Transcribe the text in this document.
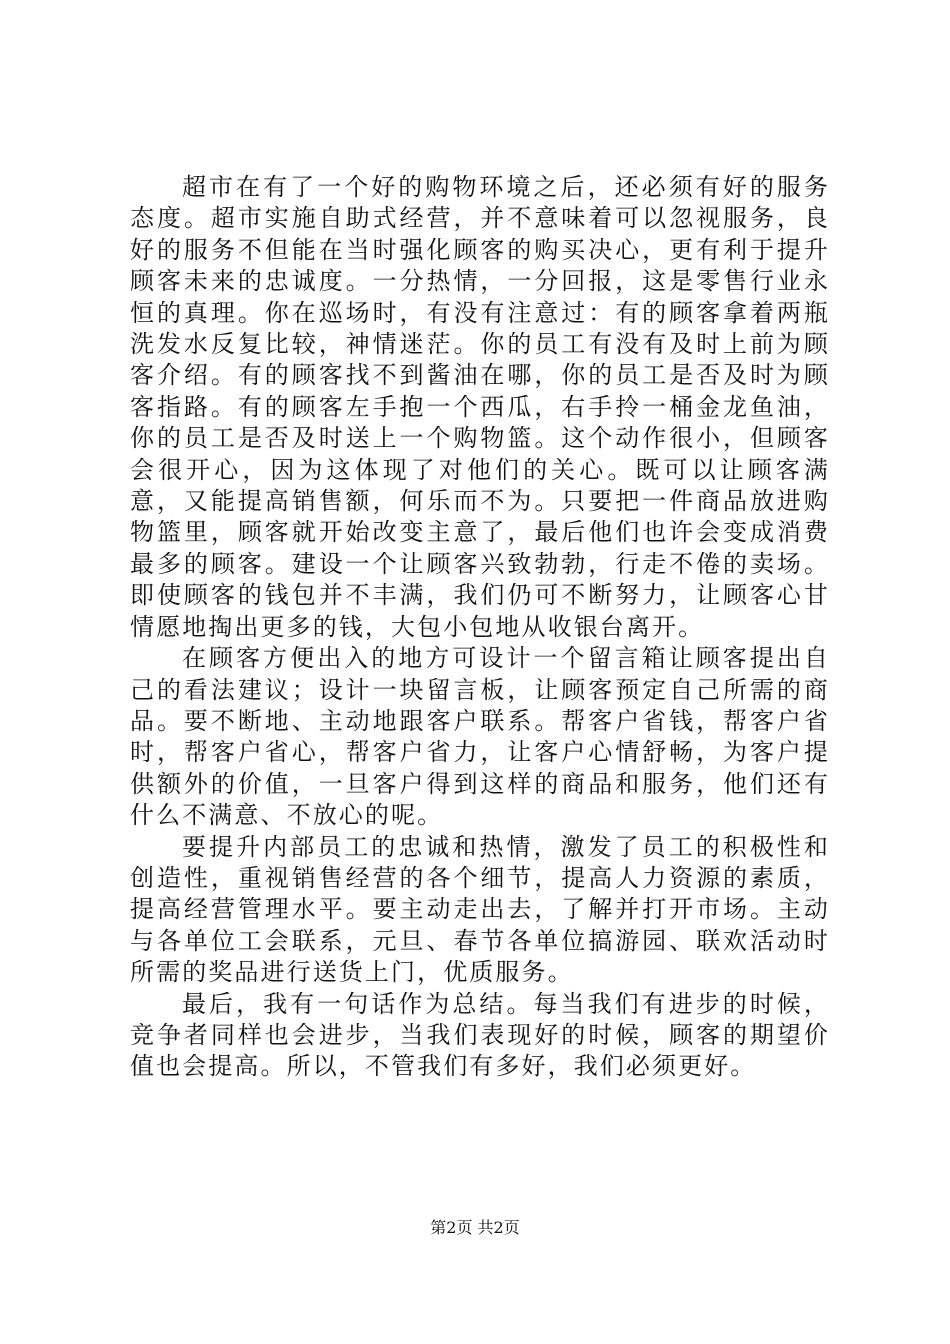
超市在有了一个好的购物环境之后，还必须有好的服务态度。超市实施自助式经营，并不意味着可以忽视服务，良好的服务不但能在当时强化顾客的购买决心，更有利于提升顾客未来的忠诚度。一分热情，一分回报，这是零售行业永恒的真理。你在巡场时，有没有注意过：有的顾客拿着两瓶洗发水反复比较，神情迷茫。你的员工有没有及时上前为顾客介绍。有的顾客找不到酱油在哪，你的员工是否及时为顾客指路。有的顾客左手抱一个西瓜，右手拎一桶金龙鱼油，你的员工是否及时送上一个购物篮。这个动作很小，但顾客会很开心，因为这体现了对他们的关心。既可以让顾客满意，又能提高销售额，何乐而不为。只要把一件商品放进购物篮里，顾客就开始改变主意了，最后他们也许会变成消费最多的顾客。建设一个让顾客兴致勃勃，行走不倦的卖场。即使顾客的钱包并不丰满，我们仍可不断努力，让顾客心甘情愿地掏出更多的钱，大包小包地从收银台离开。

在顾客方便出入的地方可设计一个留言箱让顾客提出自己的看法建议；设计一块留言板，让顾客预定自己所需的商品。要不断地、主动地跟客户联系。帮客户省钱，帮客户省时，帮客户省心，帮客户省力，让客户心情舒畅，为客户提供额外的价值，一旦客户得到这样的商品和服务，他们还有什么不满意、不放心的呢。

要提升内部员工的忠诚和热情，激发了员工的积极性和创造性，重视销售经营的各个细节，提高人力资源的素质，提高经营管理水平。要主动走出去，了解并打开市场。主动与各单位工会联系，元旦、春节各单位搞游园、联欢活动时所需的奖品进行送货上门，优质服务。

最后，我有一句话作为总结。每当我们有进步的时候，竞争者同样也会进步，当我们表现好的时候，顾客的期望价值也会提高。所以，不管我们有多好，我们必须更好。

第2页 共2页
